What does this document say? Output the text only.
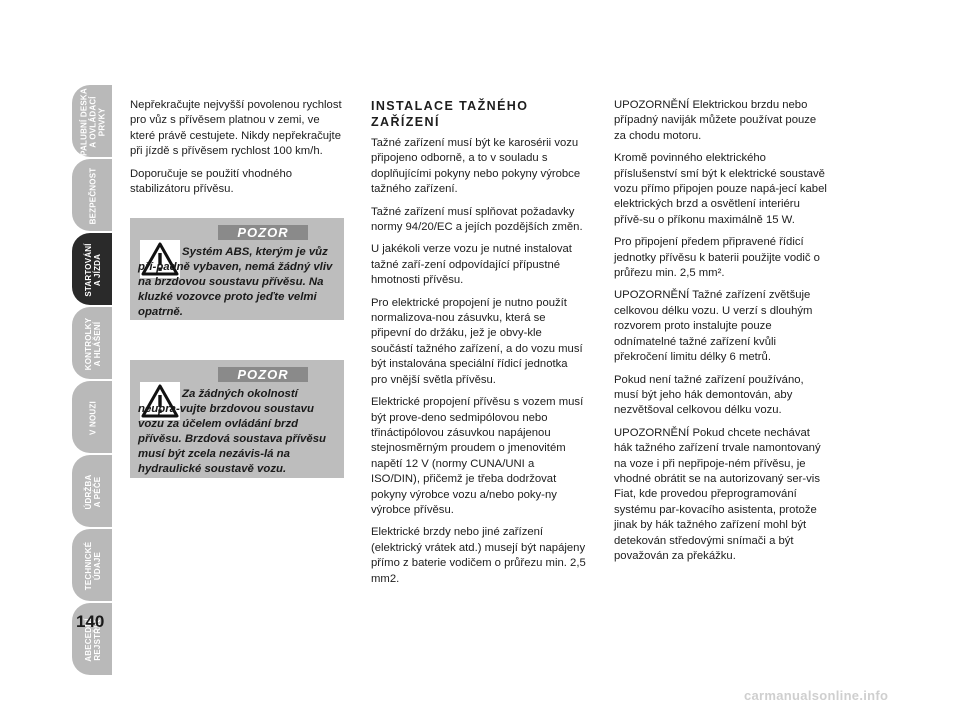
PALUBNÍ DESKA A OVLÁDACÍ PRVKY
BEZPEČNOST
STARTOVÁNÍ A JÍZDA
KONTROLKY A HLÁŠENÍ
V NOUZI
ÚDRŽBA A PÉČE
TECHNICKÉ ÚDAJE
ABECEDNÍ REJSTŘÍK
140

Nepřekračujte nejvyšší povolenou rychlost pro vůz s přívěsem platnou v zemi, ve které právě cestujete. Nikdy nepřekračujte při jízdě s přívěsem rychlost 100 km/h.

Doporučuje se použití vhodného stabilizátoru přívěsu.

POZOR
Systém ABS, kterým je vůz pří-padně vybaven, nemá žádný vliv na brzdovou soustavu přívěsu. Na kluzké vozovce proto jeďte velmi opatrně.
POZOR
Za žádných okolností neupra-vujte brzdovou soustavu vozu za účelem ovládání brzd přívěsu. Brzdová soustava přívěsu musí být zcela nezávis-lá na hydraulické soustavě vozu.
INSTALACE TAŽNÉHO ZAŘÍZENÍ

Tažné zařízení musí být ke karosérii vozu připojeno odborně, a to v souladu s doplňujícími pokyny nebo pokyny výrobce tažného zařízení.

Tažné zařízení musí splňovat požadavky normy 94/20/EC a jejích pozdějších změn.

U jakékoli verze vozu je nutné instalovat tažné zaří-zení odpovídající přípustné hmotnosti přívěsu.

Pro elektrické propojení je nutno použít normalizova-nou zásuvku, která se připevní do držáku, jež je obvy-kle součástí tažného zařízení, a do vozu musí být instalována speciální řídicí jednotka pro vnější světla přívěsu.

Elektrické propojení přívěsu s vozem musí být prove-deno sedmipólovou nebo třináctipólovou zásuvkou napájenou stejnosměrným proudem o jmenovitém napětí 12 V (normy CUNA/UNI a ISO/DIN), přičemž je třeba dodržovat pokyny výrobce vozu a/nebo poky-ny výrobce přívěsu.

Elektrické brzdy nebo jiné zařízení (elektrický vrátek atd.) musejí být napájeny přímo z baterie vodičem o průřezu min. 2,5 mm2.

UPOZORNĚNÍ Elektrickou brzdu nebo případný naviják můžete používat pouze za chodu motoru.

Kromě povinného elektrického příslušenství smí být k elektrické soustavě vozu přímo připojen pouze napá-jecí kabel elektrických brzd a osvětlení interiéru přívě-su o příkonu maximálně 15 W.

Pro připojení předem připravené řídicí jednotky přívěsu k baterii použijte vodič o průřezu min. 2,5 mm².

UPOZORNĚNÍ Tažné zařízení zvětšuje celkovou délku vozu. U verzí s dlouhým rozvorem proto instalujte pouze odnímatelné tažné zařízení kvůli překročení limitu délky 6 metrů.

Pokud není tažné zařízení používáno, musí být jeho hák demontován, aby nezvětšoval celkovou délku vozu.

UPOZORNĚNÍ Pokud chcete nechávat hák tažného zařízení trvale namontovaný na voze i při nepřipoje-ném přívěsu, je vhodné obrátit se na autorizovaný ser-vis Fiat, kde provedou přeprogramování systému par-kovacího asistenta, protože jinak by hák tažného zařízení mohl být detekován středovými snímači a být považován za překážku.

carmanualsonline.info
